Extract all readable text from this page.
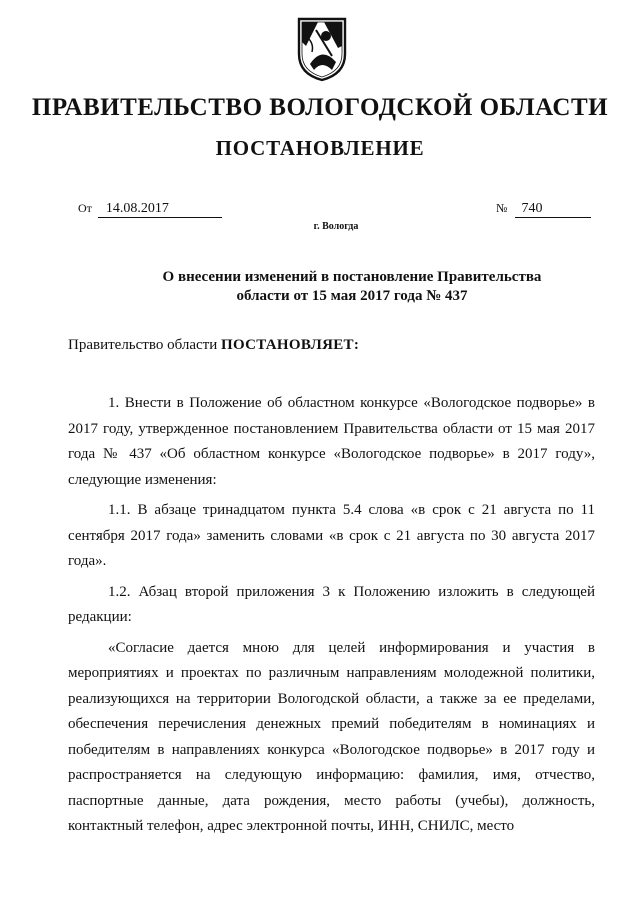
ПРАВИТЕЛЬСТВО ВОЛОГОДСКОЙ ОБЛАСТИ
ПОСТАНОВЛЕНИЕ
От 14.08.2017	№ 740
г. Вологда
О внесении изменений в постановление Правительства
области от 15 мая 2017 года № 437
Правительство области ПОСТАНОВЛЯЕТ:

1. Внести в Положение об областном конкурсе «Вологодское подворье» в 2017 году, утвержденное постановлением Правительства области от 15 мая 2017 года № 437 «Об областном конкурсе «Вологодское подворье» в 2017 году», следующие изменения:

1.1. В абзаце тринадцатом пункта 5.4 слова «в срок с 21 августа по 11 сентября 2017 года» заменить словами «в срок с 21 августа по 30 августа 2017 года».

1.2. Абзац второй приложения 3 к Положению изложить в следующей редакции:

«Согласие дается мною для целей информирования и участия в мероприятиях и проектах по различным направлениям молодежной политики, реализующихся на территории Вологодской области, а также за ее пределами, обеспечения перечисления денежных премий победителям в номинациях и победителям в направлениях конкурса «Вологодское подворье» в 2017 году и распространяется на следующую информацию: фамилия, имя, отчество, паспортные данные, дата рождения, место работы (учебы), должность, контактный телефон, адрес электронной почты, ИНН, СНИЛС, место
